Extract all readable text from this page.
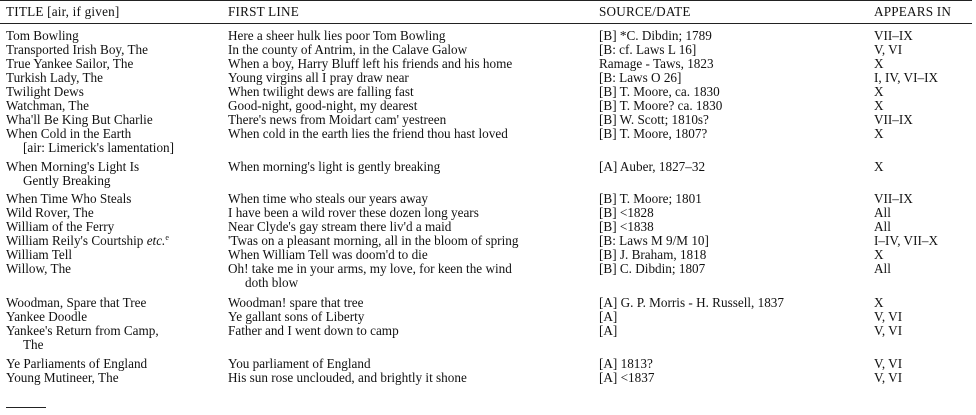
TITLE [air, if given]	FIRST LINE	SOURCE/DATE	APPEARS IN
Tom Bowling	Here a sheer hulk lies poor Tom Bowling	[B] *C. Dibdin; 1789	VII–IX
Transported Irish Boy, The	In the county of Antrim, in the Calave Galow	[B: cf. Laws L 16]	V, VI
True Yankee Sailor, The	When a boy, Harry Bluff left his friends and his home	Ramage - Taws, 1823	X
Turkish Lady, The	Young virgins all I pray draw near	[B: Laws O 26]	I, IV, VI–IX
Twilight Dews	When twilight dews are falling fast	[B] T. Moore, ca. 1830	X
Watchman, The	Good-night, good-night, my dearest	[B] T. Moore? ca. 1830	X
Wha'll Be King But Charlie	There's news from Moidart cam' yestreen	[B] W. Scott; 1810s?	VII–IX
When Cold in the Earth	When cold in the earth lies the friend thou hast loved	[B] T. Moore, 1807?	X
[air: Limerick's lamentation]
When Morning's Light Is	When morning's light is gently breaking	[A] Auber, 1827–32	X
Gently Breaking
When Time Who Steals	When time who steals our years away	[B] T. Moore; 1801	VII–IX
Wild Rover, The	I have been a wild rover these dozen long years	[B] <1828	All
William of the Ferry	Near Clyde's gay stream there liv'd a maid	[B] <1838	All
William Reily's Courtship etc.$^e$	'Twas on a pleasant morning, all in the bloom of spring	[B: Laws M 9/M 10]	I–IV, VII–X
William Tell	When William Tell was doom'd to die	[B] J. Braham, 1818	X
Willow, The	Oh! take me in your arms, my love, for keen the wind	[B] C. Dibdin; 1807	All
doth blow
Woodman, Spare that Tree	Woodman! spare that tree	[A] G. P. Morris - H. Russell, 1837	X
Yankee Doodle	Ye gallant sons of Liberty	[A]	V, VI
Yankee's Return from Camp,	Father and I went down to camp	[A]	V, VI
The
Ye Parliaments of England	You parliament of England	[A] 1813?	V, VI
Young Mutineer, The	His sun rose unclouded, and brightly it shone	[A] <1837	V, VI
